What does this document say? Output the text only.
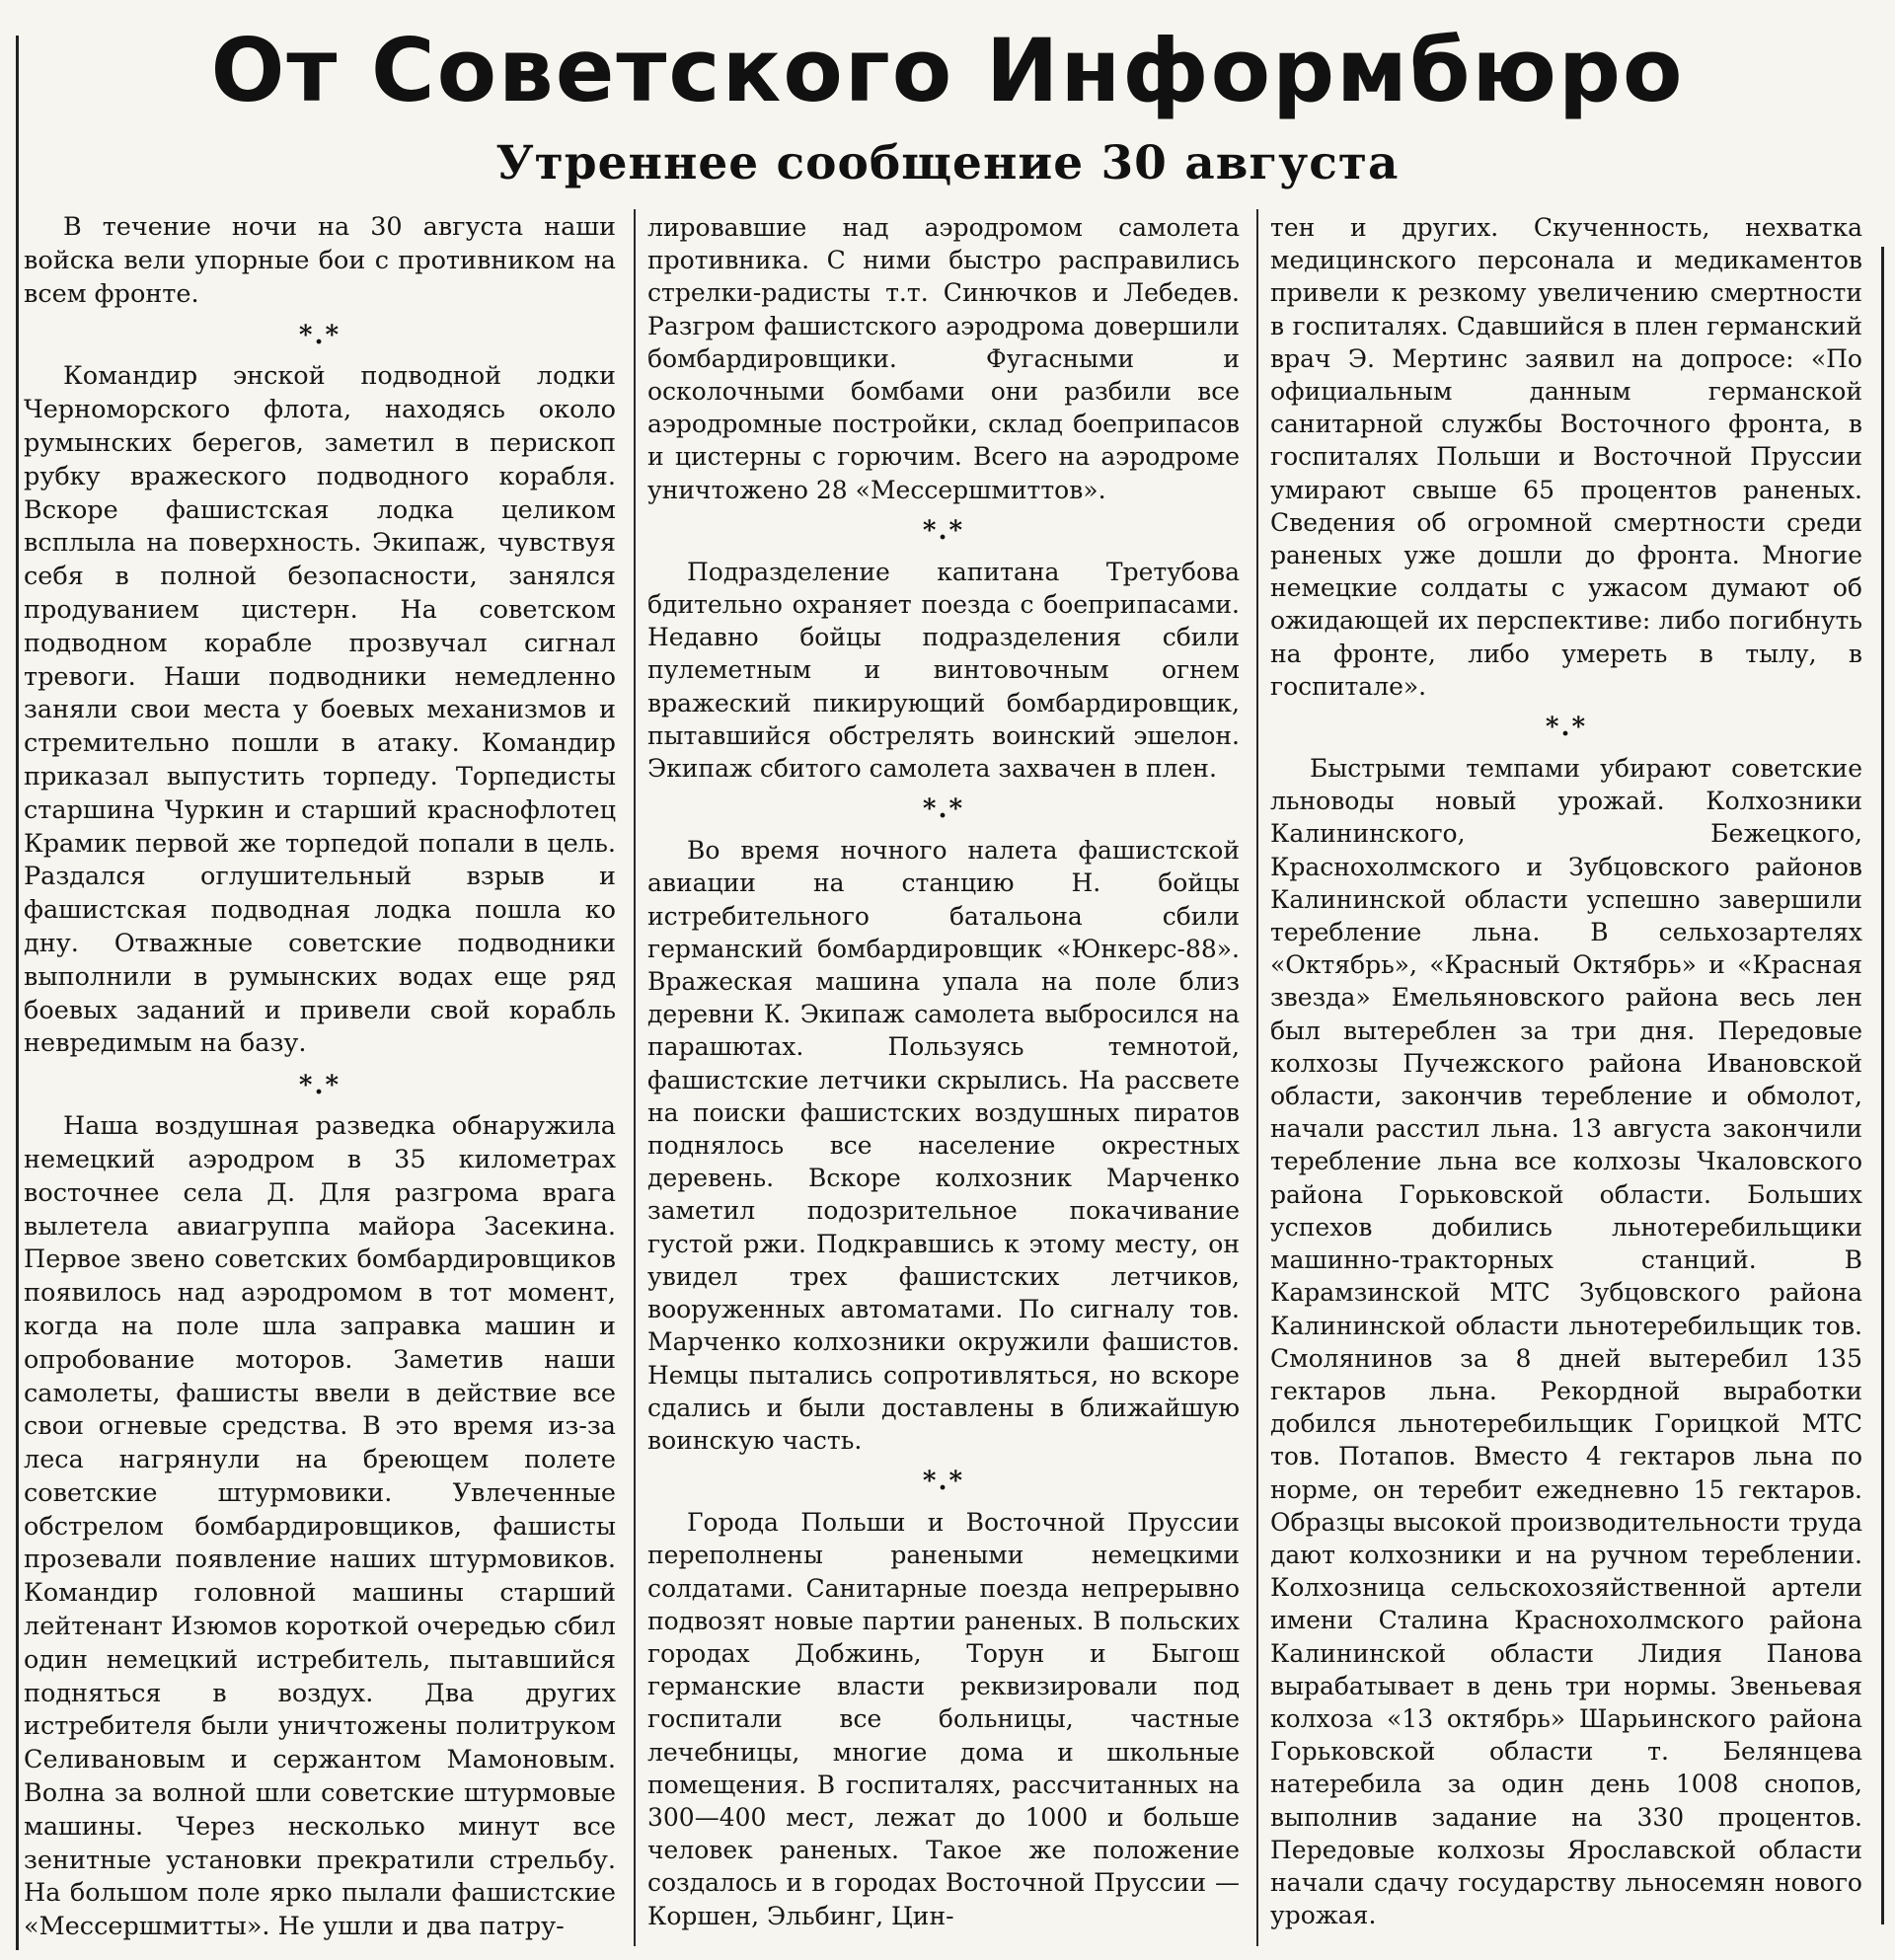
От Советского Информбюро
Утреннее сообщение 30 августа

В течение ночи на 30 августа наши войска вели упорные бои с противником на всем фронте.

*.*

Командир энской подводной лодки Черноморского флота, находясь около румынских берегов, заметил в перископ рубку вражеского подводного корабля. Вскоре фашистская лодка целиком всплыла на поверхность. Экипаж, чувствуя себя в полной безопасности, занялся продуванием цистерн. На советском подводном корабле прозвучал сигнал тревоги. Наши подводники немедленно заняли свои места у боевых механизмов и стремительно пошли в атаку. Командир приказал выпустить торпеду. Торпедисты старшина Чуркин и старший краснофлотец Крамик первой же торпедой попали в цель. Раздался оглушительный взрыв и фашистская подводная лодка пошла ко дну. Отважные советские подводники выполнили в румынских водах еще ряд боевых заданий и привели свой корабль невредимым на базу.

*.*

Наша воздушная разведка обнаружила немецкий аэродром в 35 километрах восточнее села Д. Для разгрома врага вылетела авиагруппа майора Засекина. Первое звено советских бомбардировщиков появилось над аэродромом в тот момент, когда на поле шла заправка машин и опробование моторов. Заметив наши самолеты, фашисты ввели в действие все свои огневые средства. В это время из-за леса нагрянули на бреющем полете советские штурмовики. Увлеченные обстрелом бомбардировщиков, фашисты прозевали появление наших штурмовиков. Командир головной машины старший лейтенант Изюмов короткой очередью сбил один немецкий истребитель, пытавшийся подняться в воздух. Два других истребителя были уничтожены политруком Селивановым и сержантом Мамоновым. Волна за волной шли советские штурмовые машины. Через несколько минут все зенитные установки прекратили стрельбу. На большом поле ярко пылали фашистские «Мессершмитты». Не ушли и два патру-

лировавшие над аэродромом самолета противника. С ними быстро расправились стрелки-радисты т.т. Синючков и Лебедев. Разгром фашистского аэродрома довершили бомбардировщики. Фугасными и осколочными бомбами они разбили все аэродромные постройки, склад боеприпасов и цистерны с горючим. Всего на аэродроме уничтожено 28 «Мессершмиттов».

*.*

Подразделение капитана Третубова бдительно охраняет поезда с боеприпасами. Недавно бойцы подразделения сбили пулеметным и винтовочным огнем вражеский пикирующий бомбардировщик, пытавшийся обстрелять воинский эшелон. Экипаж сбитого самолета захвачен в плен.

*.*

Во время ночного налета фашистской авиации на станцию Н. бойцы истребительного батальона сбили германский бомбардировщик «Юнкерс-88». Вражеская машина упала на поле близ деревни К. Экипаж самолета выбросился на парашютах. Пользуясь темнотой, фашистские летчики скрылись. На рассвете на поиски фашистских воздушных пиратов поднялось все население окрестных деревень. Вскоре колхозник Марченко заметил подозрительное покачивание густой ржи. Подкравшись к этому месту, он увидел трех фашистских летчиков, вооруженных автоматами. По сигналу тов. Марченко колхозники окружили фашистов. Немцы пытались сопротивляться, но вскоре сдались и были доставлены в ближайшую воинскую часть.

*.*

Города Польши и Восточной Пруссии переполнены ранеными немецкими солдатами. Санитарные поезда непрерывно подвозят новые партии раненых. В польских городах Добжинь, Торун и Быгош германские власти реквизировали под госпитали все больницы, частные лечебницы, многие дома и школьные помещения. В госпиталях, рассчитанных на 300—400 мест, лежат до 1000 и больше человек раненых. Такое же положение создалось и в городах Восточной Пруссии — Коршен, Эльбинг, Цин-

тен и других. Скученность, нехватка медицинского персонала и медикаментов привели к резкому увеличению смертности в госпиталях. Сдавшийся в плен германский врач Э. Мертинс заявил на допросе: «По официальным данным германской санитарной службы Восточного фронта, в госпиталях Польши и Восточной Пруссии умирают свыше 65 процентов раненых. Сведения об огромной смертности среди раненых уже дошли до фронта. Многие немецкие солдаты с ужасом думают об ожидающей их перспективе: либо погибнуть на фронте, либо умереть в тылу, в госпитале».

*.*

Быстрыми темпами убирают советские льноводы новый урожай. Колхозники Калининского, Бежецкого, Краснохолмского и Зубцовского районов Калининской области успешно завершили теребление льна. В сельхозартелях «Октябрь», «Красный Октябрь» и «Красная звезда» Емельяновского района весь лен был вытереблен за три дня. Передовые колхозы Пучежского района Ивановской области, закончив теребление и обмолот, начали расстил льна. 13 августа закончили теребление льна все колхозы Чкаловского района Горьковской области. Больших успехов добились льнотеребильщики машинно-тракторных станций. В Карамзинской МТС Зубцовского района Калининской области льнотеребильщик тов. Смолянинов за 8 дней вытеребил 135 гектаров льна. Рекордной выработки добился льнотеребильщик Горицкой МТС тов. Потапов. Вместо 4 гектаров льна по норме, он теребит ежедневно 15 гектаров. Образцы высокой производительности труда дают колхозники и на ручном тереблении. Колхозница сельскохозяйственной артели имени Сталина Краснохолмского района Калининской области Лидия Панова вырабатывает в день три нормы. Звеньевая колхоза «13 октябрь» Шарьинского района Горьковской области т. Белянцева натеребила за один день 1008 снопов, выполнив задание на 330 процентов. Передовые колхозы Ярославской области начали сдачу государству льносемян нового урожая.
